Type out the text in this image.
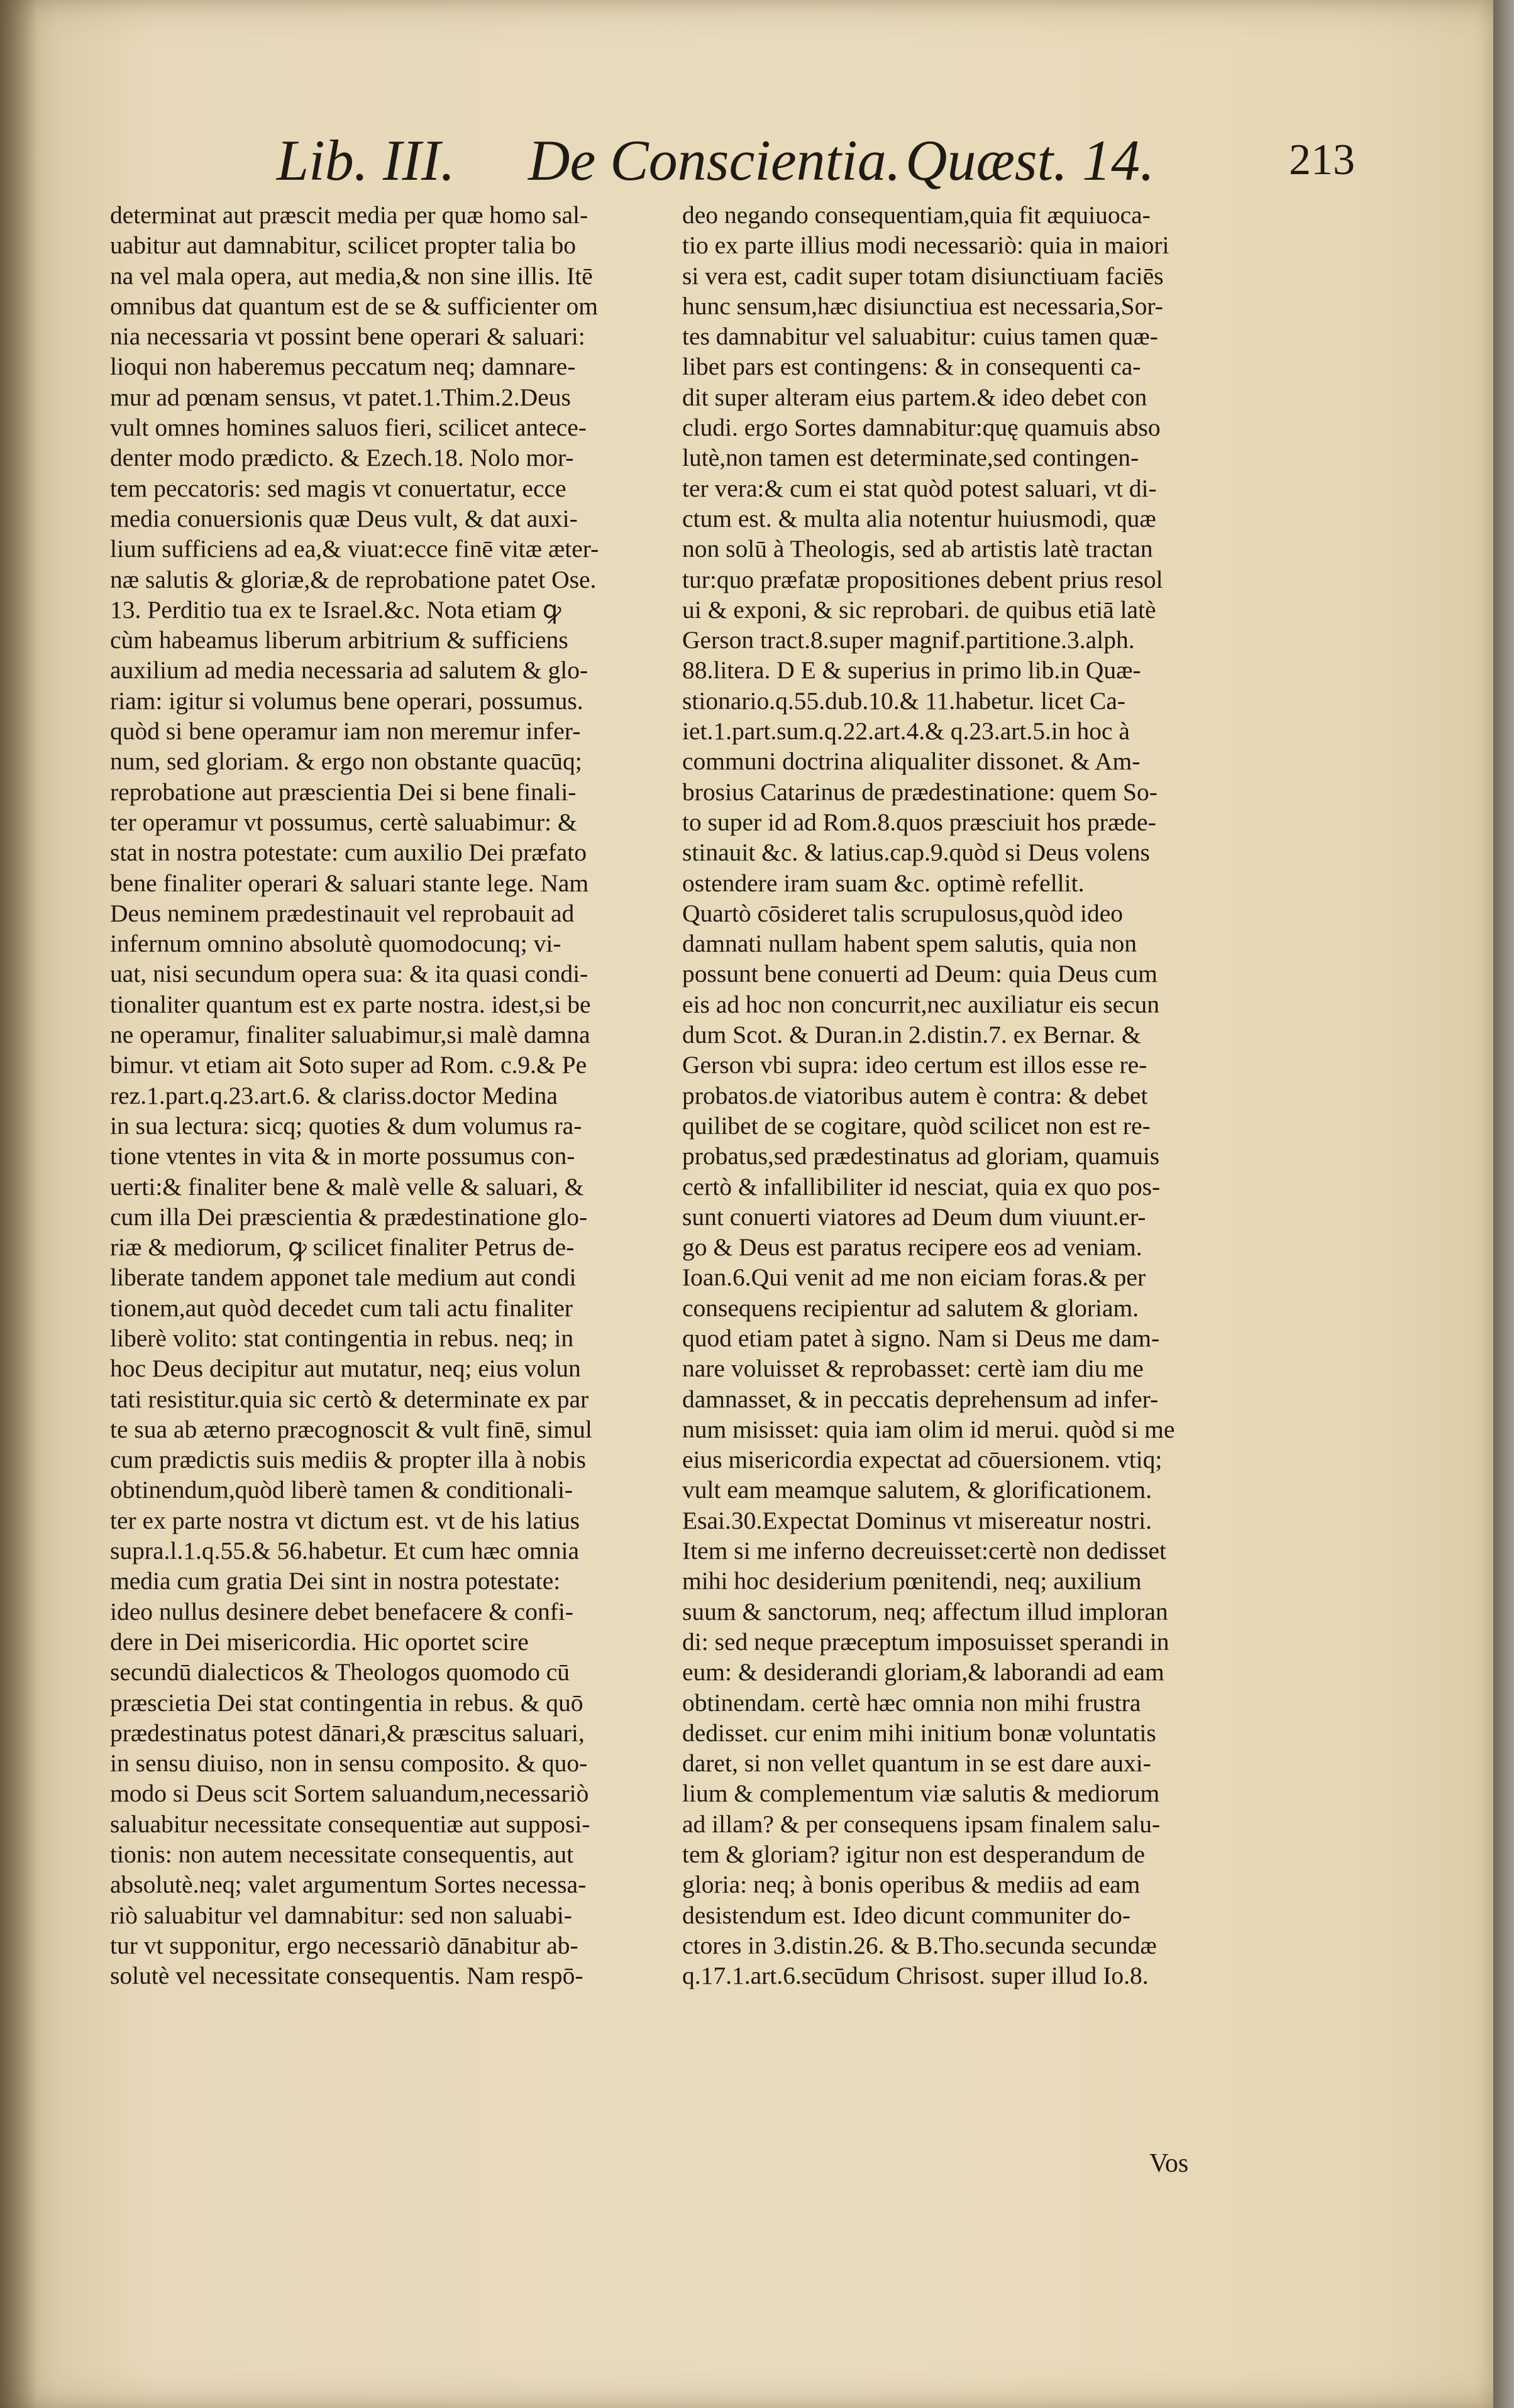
Lib. III. De Conscientia. Quæst. 14.	213
determinat aut præscit media per quæ homo sal-
uabitur aut damnabitur, scilicet propter talia bo
na vel mala opera, aut media,& non sine illis. Itē
omnibus dat quantum est de se & sufficienter om
nia necessaria vt possint bene operari & saluari:
lioqui non haberemus peccatum neq; damnare-
mur ad pœnam sensus, vt patet.1.Thim.2.Deus
vult omnes homines saluos fieri, scilicet antece-
denter modo prædicto. & Ezech.18. Nolo mor-
tem peccatoris: sed magis vt conuertatur, ecce
media conuersionis quæ Deus vult, & dat auxi-
lium sufficiens ad ea,& viuat:ecce finē vitæ æter-
næ salutis & gloriæ,& de reprobatione patet Ose.
13. Perditio tua ex te Israel.&c. Nota etiam ꝙ
cùm habeamus liberum arbitrium & sufficiens
auxilium ad media necessaria ad salutem & glo-
riam: igitur si volumus bene operari, possumus.
quòd si bene operamur iam non meremur infer-
num, sed gloriam. & ergo non obstante quacūq;
reprobatione aut præscientia Dei si bene finali-
ter operamur vt possumus, certè saluabimur: &
stat in nostra potestate: cum auxilio Dei præfato
bene finaliter operari & saluari stante lege. Nam
Deus neminem prædestinauit vel reprobauit ad
infernum omnino absolutè quomodocunq; vi-
uat, nisi secundum opera sua: & ita quasi condi-
tionaliter quantum est ex parte nostra. idest,si be
ne operamur, finaliter saluabimur,si malè damna
bimur. vt etiam ait Soto super ad Rom. c.9.& Pe
rez.1.part.q.23.art.6. & clariss.doctor Medina
in sua lectura: sicq; quoties & dum volumus ra-
tione vtentes in vita & in morte possumus con-
uerti:& finaliter bene & malè velle & saluari, &
cum illa Dei præscientia & prædestinatione glo-
riæ & mediorum, ꝙ scilicet finaliter Petrus de-
liberate tandem apponet tale medium aut condi
tionem,aut quòd decedet cum tali actu finaliter
liberè volito: stat contingentia in rebus. neq; in
hoc Deus decipitur aut mutatur, neq; eius volun
tati resistitur.quia sic certò & determinate ex par
te sua ab æterno præcognoscit & vult finē, simul
cum prædictis suis mediis & propter illa à nobis
obtinendum,quòd liberè tamen & conditionali-
ter ex parte nostra vt dictum est. vt de his latius
supra.l.1.q.55.& 56.habetur. Et cum hæc omnia
media cum gratia Dei sint in nostra potestate:
ideo nullus desinere debet benefacere & confi-
dere in Dei misericordia. Hic oportet scire
secundū dialecticos & Theologos quomodo cū
præscietia Dei stat contingentia in rebus. & quō
prædestinatus potest dānari,& præscitus saluari,
in sensu diuiso, non in sensu composito. & quo-
modo si Deus scit Sortem saluandum,necessariò
saluabitur necessitate consequentiæ aut supposi-
tionis: non autem necessitate consequentis, aut
absolutè.neq; valet argumentum Sortes necessa-
riò saluabitur vel damnabitur: sed non saluabi-
tur vt supponitur, ergo necessariò dānabitur ab-
solutè vel necessitate consequentis. Nam respō-
deo negando consequentiam,quia fit æquiuoca-
tio ex parte illius modi necessariò: quia in maiori
si vera est, cadit super totam disiunctiuam faciēs
hunc sensum,hæc disiunctiua est necessaria,Sor-
tes damnabitur vel saluabitur: cuius tamen quæ-
libet pars est contingens: & in consequenti ca-
dit super alteram eius partem.& ideo debet con
cludi. ergo Sortes damnabitur:quę quamuis abso
lutè,non tamen est determinate,sed contingen-
ter vera:& cum ei stat quòd potest saluari, vt di-
ctum est. & multa alia notentur huiusmodi, quæ
non solū à Theologis, sed ab artistis latè tractan
tur:quo præfatæ propositiones debent prius resol
ui & exponi, & sic reprobari. de quibus etiā latè
Gerson tract.8.super magnif.partitione.3.alph.
88.litera. D E & superius in primo lib.in Quæ-
stionario.q.55.dub.10.& 11.habetur. licet Ca-
iet.1.part.sum.q.22.art.4.& q.23.art.5.in hoc à
communi doctrina aliqualiter dissonet. & Am-
brosius Catarinus de prædestinatione: quem So-
to super id ad Rom.8.quos præsciuit hos præde-
stinauit &c. & latius.cap.9.quòd si Deus volens
ostendere iram suam &c. optimè refellit.
Quartò cōsideret talis scrupulosus,quòd ideo
damnati nullam habent spem salutis, quia non
possunt bene conuerti ad Deum: quia Deus cum
eis ad hoc non concurrit,nec auxiliatur eis secun
dum Scot. & Duran.in 2.distin.7. ex Bernar. &
Gerson vbi supra: ideo certum est illos esse re-
probatos.de viatoribus autem è contra: & debet
quilibet de se cogitare, quòd scilicet non est re-
probatus,sed prædestinatus ad gloriam, quamuis
certò & infallibiliter id nesciat, quia ex quo pos-
sunt conuerti viatores ad Deum dum viuunt.er-
go & Deus est paratus recipere eos ad veniam.
Ioan.6.Qui venit ad me non eiciam foras.& per
consequens recipientur ad salutem & gloriam.
quod etiam patet à signo. Nam si Deus me dam-
nare voluisset & reprobasset: certè iam diu me
damnasset, & in peccatis deprehensum ad infer-
num misisset: quia iam olim id merui. quòd si me
eius misericordia expectat ad cōuersionem. vtiq;
vult eam meamque salutem, & glorificationem.
Esai.30.Expectat Dominus vt misereatur nostri.
Item si me inferno decreuisset:certè non dedisset
mihi hoc desiderium pœnitendi, neq; auxilium
suum & sanctorum, neq; affectum illud imploran
di: sed neque præceptum imposuisset sperandi in
eum: & desiderandi gloriam,& laborandi ad eam
obtinendam. certè hæc omnia non mihi frustra
dedisset. cur enim mihi initium bonæ voluntatis
daret, si non vellet quantum in se est dare auxi-
lium & complementum viæ salutis & mediorum
ad illam? & per consequens ipsam finalem salu-
tem & gloriam? igitur non est desperandum de
gloria: neq; à bonis operibus & mediis ad eam
desistendum est. Ideo dicunt communiter do-
ctores in 3.distin.26. & B.Tho.secunda secundæ
q.17.1.art.6.secūdum Chrisost. super illud Io.8.
Vos
